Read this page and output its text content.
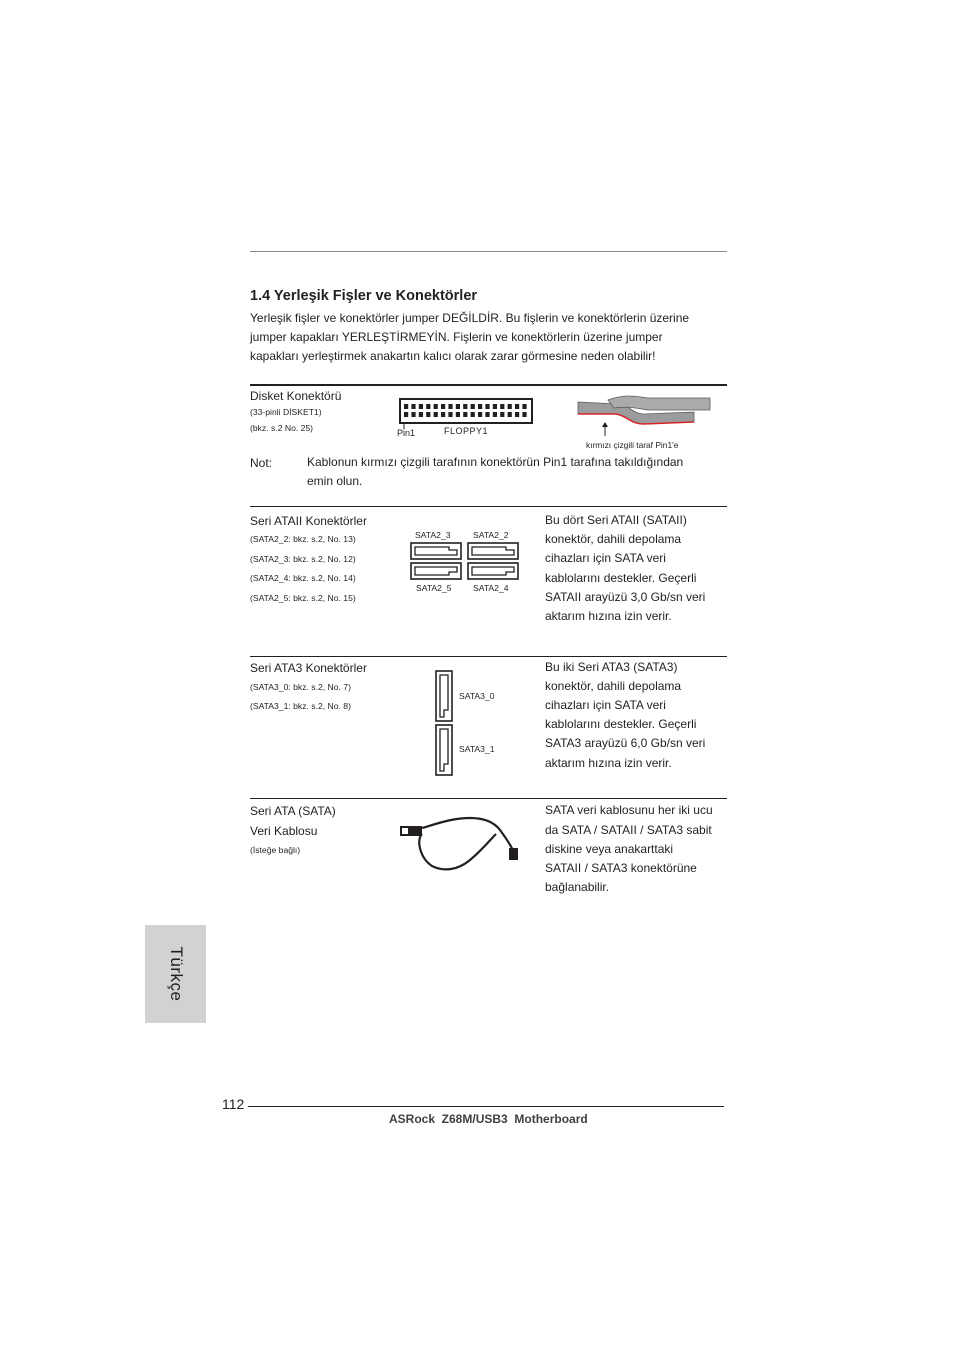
1.4 Yerleşik Fişler ve Konektörler
Yerleşik fişler ve konektörler jumper DEĞİLDİR. Bu fişlerin ve konektörlerin üzerine
jumper kapakları YERLEŞTİRMEYİN. Fişlerin ve konektörlerin üzerine jumper
kapakları yerleştirmek anakartın kalıcı olarak zarar görmesine neden olabilir!
Disket Konektörü
(33-pinli DİSKET1)
(bkz. s.2 No. 25)	Pin1	FLOPPY1
kırmızı çizgili taraf Pin1'e
Not:	Kablonun kırmızı çizgili tarafının konektörün Pin1 tarafına takıldığından
emin olun.
Seri ATAII Konektörler
(SATA2_2: bkz. s.2, No. 13)
(SATA2_3: bkz. s.2, No. 12)
(SATA2_4: bkz. s.2, No. 14)
(SATA2_5: bkz. s.2, No. 15)
SATA2_3	SATA2_2
SATA2_5 SATA2_4
Bu dört Seri ATAII (SATAII)
konektör, dahili depolama
cihazları için SATA veri
kablolarını destekler. Geçerli
SATAII arayüzü 3,0 Gb/sn veri
aktarım hızına izin verir.
Seri ATA3 Konektörler
(SATA3_0: bkz. s.2, No. 7)
(SATA3_1: bkz. s.2, No. 8)
SATA3_0
SATA3_1
Bu iki Seri ATA3 (SATA3)
konektör, dahili depolama
cihazları için SATA veri
kablolarını destekler. Geçerli
SATA3 arayüzü 6,0 Gb/sn veri
aktarım hızına izin verir.
Seri ATA (SATA)
Veri Kablosu
(İsteğe bağlı)
SATA veri kablosunu her iki ucu
da SATA / SATAII / SATA3 sabit
diskine veya anakarttaki
SATAII / SATA3 konektörüne
bağlanabilir.
Türkçe
112
ASRock  Z68M/USB3  Motherboard
